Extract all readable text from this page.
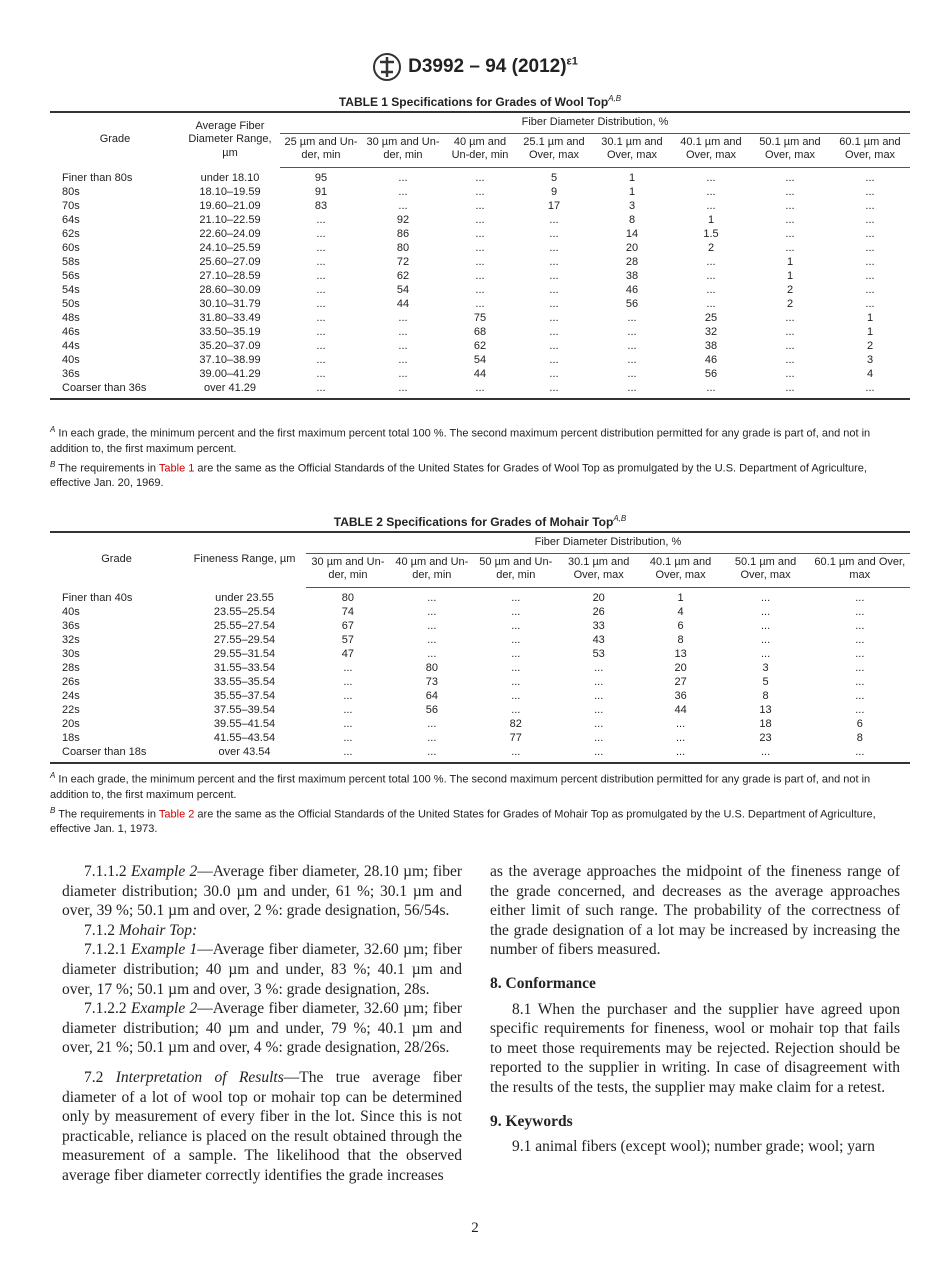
D3992 – 94 $(2012)^{\varepsilon 1}$
TABLE 1 Specifications for Grades of Wool Top$^{A,B}$
Grade	Average Fiber Diameter Range, µm	Fiber Diameter Distribution, %							
		25 µm and Un-der, min	30 µm and Un-der, min	40 µm and Un-der, min	25.1 µm and Over, max	30.1 µm and Over, max	40.1 µm and Over, max	50.1 µm and Over, max	60.1 µm and Over, max
Finer than 80s	under 18.10	95	...	...	5	1	...	...	...
80s	18.10–19.59	91	...	...	9	1	...	...	...
70s	19.60–21.09	83	...	...	17	3	...	...	...
64s	21.10–22.59	...	92	...	...	8	1	...	...
62s	22.60–24.09	...	86	...	...	14	1.5	...	...
60s	24.10–25.59	...	80	...	...	20	2	...	...
58s	25.60–27.09	...	72	...	...	28	...	1	...
56s	27.10–28.59	...	62	...	...	38	...	1	...
54s	28.60–30.09	...	54	...	...	46	...	2	...
50s	30.10–31.79	...	44	...	...	56	...	2	...
48s	31.80–33.49	...	...	75	...	...	25	...	1
46s	33.50–35.19	...	...	68	...	...	32	...	1
44s	35.20–37.09	...	...	62	...	...	38	...	2
40s	37.10–38.99	...	...	54	...	...	46	...	3
36s	39.00–41.29	...	...	44	...	...	56	...	4
Coarser than 36s	over 41.29	...	...	...	...	...	...	...	...
$^A$ In each grade, the minimum percent and the first maximum percent total 100 %. The second maximum percent distribution permitted for any grade is part of, and not in addition to, the first maximum percent.
$^B$ The requirements in Table 1 are the same as the Official Standards of the United States for Grades of Wool Top as promulgated by the U.S. Department of Agriculture, effective Jan. 20, 1969.
TABLE 2 Specifications for Grades of Mohair Top$^{A,B}$
Grade	Fineness Range, µm	Fiber Diameter Distribution, %						
		30 µm and Un-der, min	40 µm and Un-der, min	50 µm and Un-der, min	30.1 µm and Over, max	40.1 µm and Over, max	50.1 µm and Over, max	60.1 µm and Over, max
Finer than 40s	under 23.55	80	...	...	20	1	...	...
40s	23.55–25.54	74	...	...	26	4	...	...
36s	25.55–27.54	67	...	...	33	6	...	...
32s	27.55–29.54	57	...	...	43	8	...	...
30s	29.55–31.54	47	...	...	53	13	...	...
28s	31.55–33.54	...	80	...	...	20	3	...
26s	33.55–35.54	...	73	...	...	27	5	...
24s	35.55–37.54	...	64	...	...	36	8	...
22s	37.55–39.54	...	56	...	...	44	13	...
20s	39.55–41.54	...	...	82	...	...	18	6
18s	41.55–43.54	...	...	77	...	...	23	8
Coarser than 18s	over 43.54	...	...	...	...	...	...	...
$^A$ In each grade, the minimum percent and the first maximum percent total 100 %. The second maximum percent distribution permitted for any grade is part of, and not in addition to, the first maximum percent.
$^B$ The requirements in Table 2 are the same as the Official Standards of the United States for Grades of Mohair Top as promulgated by the U.S. Department of Agriculture, effective Jan. 1, 1973.

7.1.1.2 Example 2—Average fiber diameter, 28.10 µm; fiber diameter distribution; 30.0 µm and under, 61 %; 30.1 µm and over, 39 %; 50.1 µm and over, 2 %: grade designation, 56/54s.

7.1.2 Mohair Top:

7.1.2.1 Example 1—Average fiber diameter, 32.60 µm; fiber diameter distribution; 40 µm and under, 83 %; 40.1 µm and over, 17 %; 50.1 µm and over, 3 %: grade designation, 28s.

7.1.2.2 Example 2—Average fiber diameter, 32.60 µm; fiber diameter distribution; 40 µm and under, 79 %; 40.1 µm and over, 21 %; 50.1 µm and over, 4 %: grade designation, 28/26s.

7.2 Interpretation of Results—The true average fiber diameter of a lot of wool top or mohair top can be determined only by measurement of every fiber in the lot. Since this is not practicable, reliance is placed on the result obtained through the measurement of a sample. The likelihood that the observed average fiber diameter correctly identifies the grade increases

as the average approaches the midpoint of the fineness range of the grade concerned, and decreases as the average approaches either limit of such range. The probability of the correctness of the grade designation of a lot may be increased by increasing the number of fibers measured.

8. Conformance

8.1 When the purchaser and the supplier have agreed upon specific requirements for fineness, wool or mohair top that fails to meet those requirements may be rejected. Rejection should be reported to the supplier in writing. In case of disagreement with the results of the tests, the supplier may make claim for a retest.

9. Keywords

9.1 animal fibers (except wool); number grade; wool; yarn

2
